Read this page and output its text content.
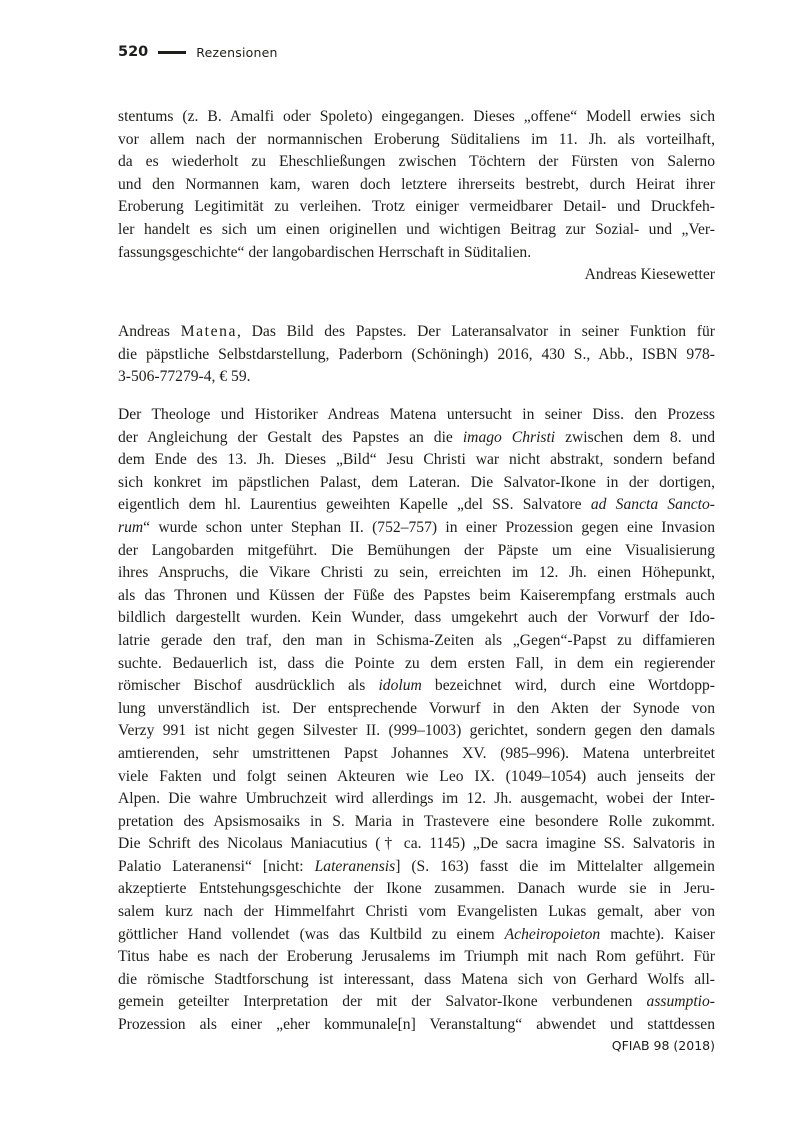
520	Rezensionen
stentums (z. B. Amalfi oder Spoleto) eingegangen. Dieses „offene“ Modell erwies sich
vor allem nach der normannischen Eroberung Süditaliens im 11. Jh. als vorteilhaft,
da es wiederholt zu Eheschließungen zwischen Töchtern der Fürsten von Salerno
und den Normannen kam, waren doch letztere ihrerseits bestrebt, durch Heirat ihrer
Eroberung Legitimität zu verleihen. Trotz einiger vermeidbarer Detail- und Druckfeh-
ler handelt es sich um einen originellen und wichtigen Beitrag zur Sozial- und „Ver-
fassungsgeschichte“ der langobardischen Herrschaft in Süditalien.
Andreas Kiesewetter
Andreas Matena, Das Bild des Papstes. Der Lateransalvator in seiner Funktion für
die päpstliche Selbstdarstellung, Paderborn (Schöningh) 2016, 430 S., Abb., ISBN 978-
3-506-77279-4, € 59.
Der Theologe und Historiker Andreas Matena untersucht in seiner Diss. den Prozess
der Angleichung der Gestalt des Papstes an die imago Christi zwischen dem 8. und
dem Ende des 13. Jh. Dieses „Bild“ Jesu Christi war nicht abstrakt, sondern befand
sich konkret im päpstlichen Palast, dem Lateran. Die Salvator-Ikone in der dortigen,
eigentlich dem hl. Laurentius geweihten Kapelle „del SS. Salvatore ad Sancta Sancto-
rum“ wurde schon unter Stephan II. (752–757) in einer Prozession gegen eine Invasion
der Langobarden mitgeführt. Die Bemühungen der Päpste um eine Visualisierung
ihres Anspruchs, die Vikare Christi zu sein, erreichten im 12. Jh. einen Höhepunkt,
als das Thronen und Küssen der Füße des Papstes beim Kaiserempfang erstmals auch
bildlich dargestellt wurden. Kein Wunder, dass umgekehrt auch der Vorwurf der Ido-
latrie gerade den traf, den man in Schisma-Zeiten als „Gegen“-Papst zu diffamieren
suchte. Bedauerlich ist, dass die Pointe zu dem ersten Fall, in dem ein regierender
römischer Bischof ausdrücklich als idolum bezeichnet wird, durch eine Wortdopp-
lung unverständlich ist. Der entsprechende Vorwurf in den Akten der Synode von
Verzy 991 ist nicht gegen Silvester II. (999–1003) gerichtet, sondern gegen den damals
amtierenden, sehr umstrittenen Papst Johannes XV. (985–996). Matena unterbreitet
viele Fakten und folgt seinen Akteuren wie Leo IX. (1049–1054) auch jenseits der
Alpen. Die wahre Umbruchzeit wird allerdings im 12. Jh. ausgemacht, wobei der Inter-
pretation des Apsismosaiks in S. Maria in Trastevere eine besondere Rolle zukommt.
Die Schrift des Nicolaus Maniacutius († ca. 1145) „De sacra imagine SS. Salvatoris in
Palatio Lateranensi“ [nicht: Lateranensis] (S. 163) fasst die im Mittelalter allgemein
akzeptierte Entstehungsgeschichte der Ikone zusammen. Danach wurde sie in Jeru-
salem kurz nach der Himmelfahrt Christi vom Evangelisten Lukas gemalt, aber von
göttlicher Hand vollendet (was das Kultbild zu einem Acheiropoieton machte). Kaiser
Titus habe es nach der Eroberung Jerusalems im Triumph mit nach Rom geführt. Für
die römische Stadtforschung ist interessant, dass Matena sich von Gerhard Wolfs all-
gemein geteilter Interpretation der mit der Salvator-Ikone verbundenen assumptio-
Prozession als einer „eher kommunale[n] Veranstaltung“ abwendet und stattdessen
QFIAB 98 (2018)
